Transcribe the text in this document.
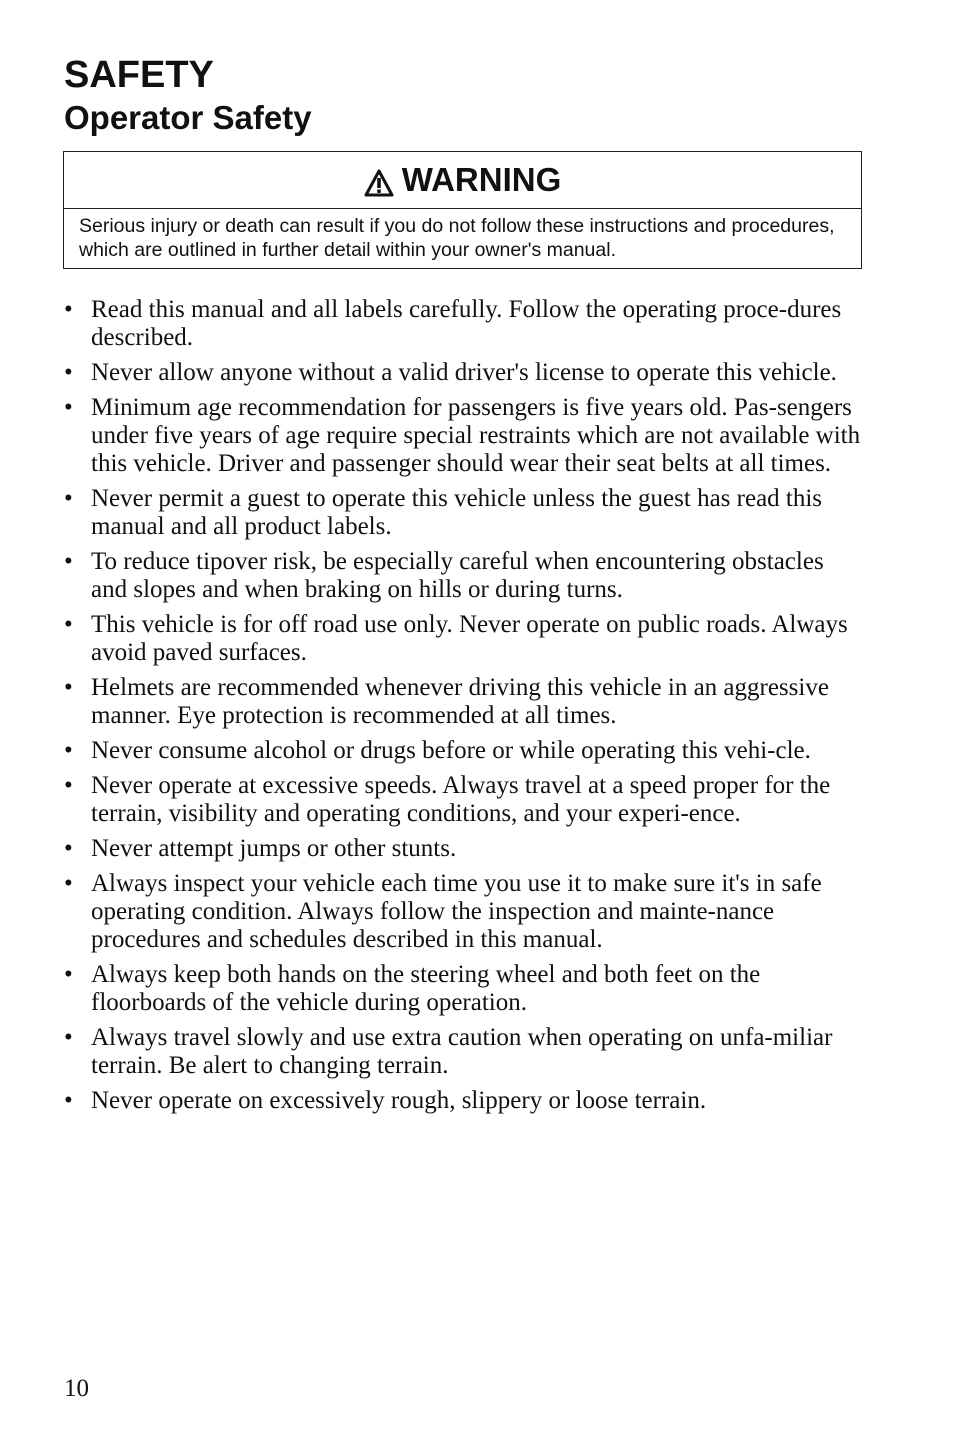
SAFETY
Operator Safety
WARNING
Serious injury or death can result if you do not follow these instructions and procedures, which are outlined in further detail within your owner's manual.
• Read this manual and all labels carefully. Follow the operating proce-dures described.
• Never allow anyone without a valid driver's license to operate this vehicle.
• Minimum age recommendation for passengers is five years old. Pas-sengers under five years of age require special restraints which are not available with this vehicle. Driver and passenger should wear their seat belts at all times.
• Never permit a guest to operate this vehicle unless the guest has read this manual and all product labels.
• To reduce tipover risk, be especially careful when encountering obstacles and slopes and when braking on hills or during turns.
• This vehicle is for off road use only. Never operate on public roads. Always avoid paved surfaces.
• Helmets are recommended whenever driving this vehicle in an aggressive manner. Eye protection is recommended at all times.
• Never consume alcohol or drugs before or while operating this vehi-cle.
• Never operate at excessive speeds. Always travel at a speed proper for the terrain, visibility and operating conditions, and your experi-ence.
• Never attempt jumps or other stunts.
• Always inspect your vehicle each time you use it to make sure it's in safe operating condition. Always follow the inspection and mainte-nance procedures and schedules described in this manual.
• Always keep both hands on the steering wheel and both feet on the floorboards of the vehicle during operation.
• Always travel slowly and use extra caution when operating on unfa-miliar terrain. Be alert to changing terrain.
• Never operate on excessively rough, slippery or loose terrain.
10
